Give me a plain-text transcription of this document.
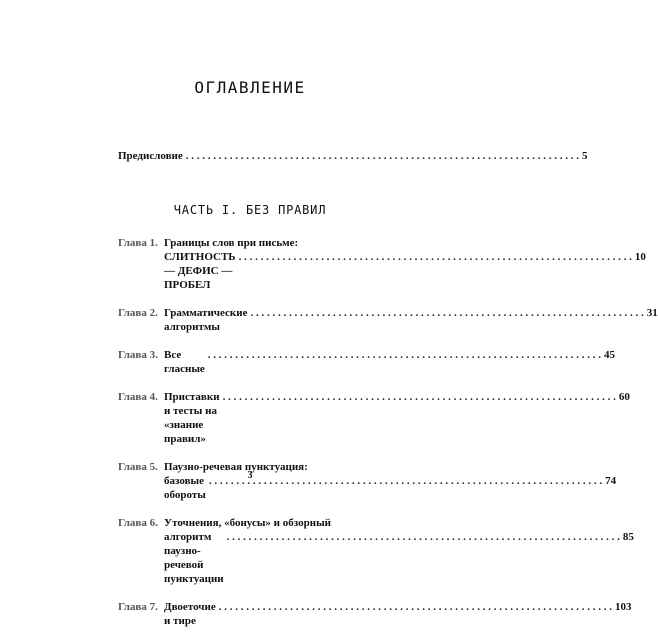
ОГЛАВЛЕНИЕ
Предисловие
. . .	5
ЧАСТЬ I. БЕЗ ПРАВИЛ
Глава 1. Границы слов при письме:
СЛИТНОСТЬ — ДЕФИС — ПРОБЕЛ
. . .
10
Глава 2. Грамматические алгоритмы
. . .
31
Глава 3. Все гласные
. . .
45
Глава 4. Приставки и тесты на «знание правил»
. . .
60
Глава 5. Паузно-речевая пунктуация:
базовые обороты
. . .
74
Глава 6. Уточнения, «бонусы» и обзорный
алгоритм паузно-речевой пунктуации
. . .
85
Глава 7. Двоеточие и тире
. . .
103
3
